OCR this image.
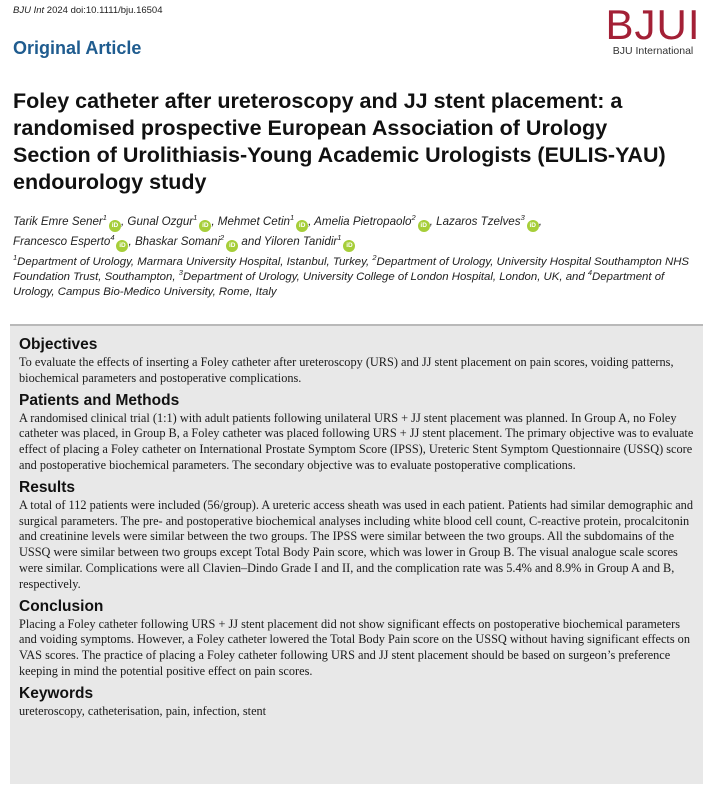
BJU Int 2024 doi:10.1111/bju.16504	BJUI
BJU International
Original Article
Foley catheter after ureteroscopy and JJ stent placement: a randomised prospective European Association of Urology Section of Urolithiasis-Young Academic Urologists (EULIS-YAU) endourology study
Tarik Emre Sener$^1$iD , Gunal Ozgur$^1$iD , Mehmet Cetin$^1$iD , Amelia Pietropaolo$^2$iD , Lazaros Tzelves$^3$iD ,
Francesco Esperto$^4$iD , Bhaskar Somani$^2$iD and Yiloren Tanidir$^1$iD
$^1$Department of Urology, Marmara University Hospital, Istanbul, Turkey, $^2$Department of Urology, University Hospital Southampton NHS Foundation Trust, Southampton, $^3$Department of Urology, University College of London Hospital, London, UK, and $^4$Department of Urology, Campus Bio-Medico University, Rome, Italy
Objectives

To evaluate the effects of inserting a Foley catheter after ureteroscopy (URS) and JJ stent placement on pain scores, voiding patterns, biochemical parameters and postoperative complications.

Patients and Methods

A randomised clinical trial (1:1) with adult patients following unilateral URS + JJ stent placement was planned. In Group A, no Foley catheter was placed, in Group B, a Foley catheter was placed following URS + JJ stent placement. The primary objective was to evaluate effect of placing a Foley catheter on International Prostate Symptom Score (IPSS), Ureteric Stent Symptom Questionnaire (USSQ) score and postoperative biochemical parameters. The secondary objective was to evaluate postoperative complications.

Results

A total of 112 patients were included (56/group). A ureteric access sheath was used in each patient. Patients had similar demographic and surgical parameters. The pre- and postoperative biochemical analyses including white blood cell count, C-reactive protein, procalcitonin and creatinine levels were similar between the two groups. The IPSS were similar between the two groups. All the subdomains of the USSQ were similar between two groups except Total Body Pain score, which was lower in Group B. The visual analogue scale scores were similar. Complications were all Clavien–Dindo Grade I and II, and the complication rate was 5.4% and 8.9% in Group A and B, respectively.

Conclusion

Placing a Foley catheter following URS + JJ stent placement did not show significant effects on postoperative biochemical parameters and voiding symptoms. However, a Foley catheter lowered the Total Body Pain score on the USSQ without having significant effects on VAS scores. The practice of placing a Foley catheter following URS and JJ stent placement should be based on surgeon’s preference keeping in mind the potential positive effect on pain scores.

Keywords

ureteroscopy, catheterisation, pain, infection, stent
